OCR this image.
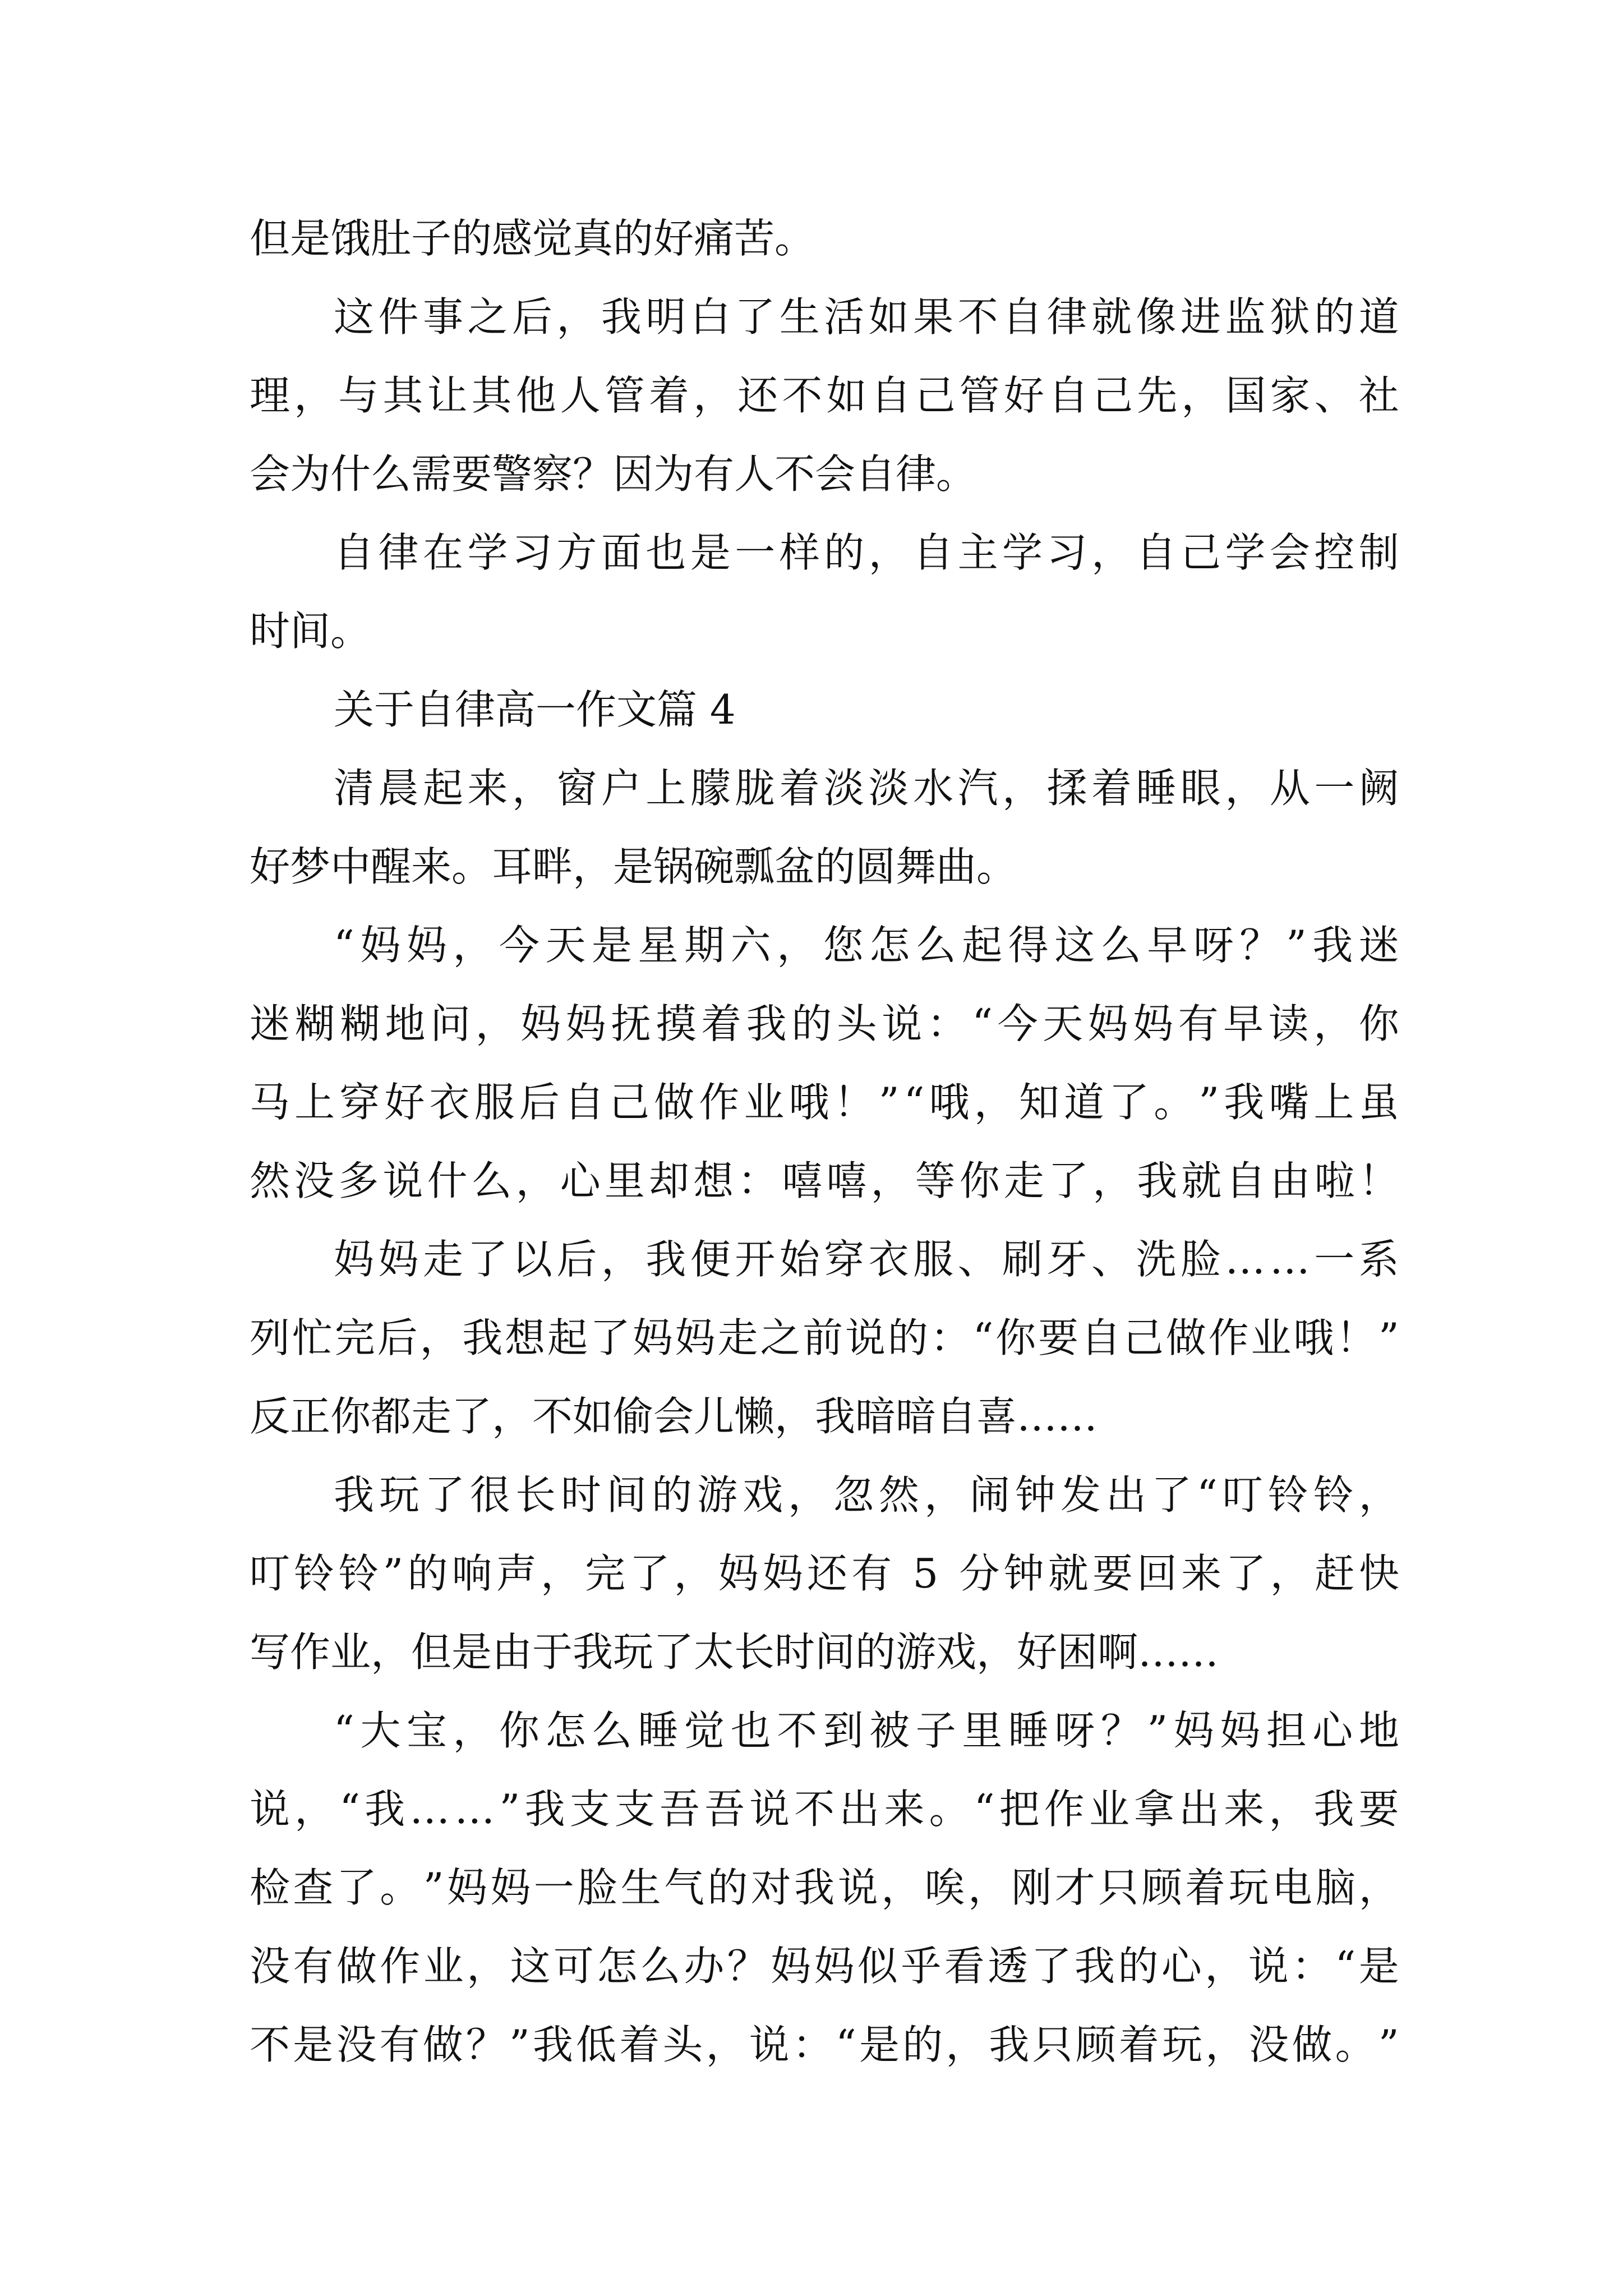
但是饿肚子的感觉真的好痛苦。
这 件 事 之 后 ， 我 明 白 了 生 活 如 果 不 自 律 就 像 进 监 狱 的 道
理 ， 与 其 让 其 他 人 管 着 ， 还 不 如 自 己 管 好 自 己 先 ， 国 家 、 社
会为什么需要警察？因为有人不会自律。
自 律 在 学 习 方 面 也 是 一 样 的 ， 自 主 学 习 ， 自 己 学 会 控 制
时间。
关于自律高一作文篇 4
清 晨 起 来 ， 窗 户 上 朦 胧 着 淡 淡 水 汽 ， 揉 着 睡 眼 ， 从 一 阙
好梦中醒来。耳畔，是锅碗瓢盆的圆舞曲。
“ 妈 妈 ， 今 天 是 星 期 六 ， 您 怎 么 起 得 这 么 早 呀 ？ ” 我 迷
迷 糊 糊 地 问 ， 妈 妈 抚 摸 着 我 的 头 说 ： “ 今 天 妈 妈 有 早 读 ， 你
马 上 穿 好 衣 服 后 自 己 做 作 业 哦 ！ ” “ 哦 ， 知 道 了 。 ” 我 嘴 上 虽
然 没 多 说 什 么 ， 心 里 却 想 ： 嘻 嘻 ， 等 你 走 了 ， 我 就 自 由 啦 ！
妈 妈 走 了 以 后 ， 我 便 开 始 穿 衣 服 、 刷 牙 、 洗 脸 … … 一 系
列 忙 完 后 ， 我 想 起 了 妈 妈 走 之 前 说 的 ： “ 你 要 自 己 做 作 业 哦 ！ ”
反正你都走了，不如偷会儿懒，我暗暗自喜……
我 玩 了 很 长 时 间 的 游 戏 ， 忽 然 ， 闹 钟 发 出 了 “ 叮 铃 铃 ，
叮 铃 铃 ” 的 响 声 ， 完 了 ， 妈 妈 还 有
5
分 钟 就 要 回 来 了 ， 赶 快
写作业，但是由于我玩了太长时间的游戏，好困啊……
“ 大 宝 ， 你 怎 么 睡 觉 也 不 到 被 子 里 睡 呀 ？ ” 妈 妈 担 心 地
说 ， “ 我 … … ” 我 支 支 吾 吾 说 不 出 来 。 “ 把 作 业 拿 出 来 ， 我 要
检 查 了 。 ” 妈 妈 一 脸 生 气 的 对 我 说 ， 唉 ， 刚 才 只 顾 着 玩 电 脑 ，
没 有 做 作 业 ， 这 可 怎 么 办 ？ 妈 妈 似 乎 看 透 了 我 的 心 ， 说 ： “ 是
不 是 没 有 做 ？ ” 我 低 着 头 ， 说 ： “ 是 的 ， 我 只 顾 着 玩 ， 没 做 。 ”
